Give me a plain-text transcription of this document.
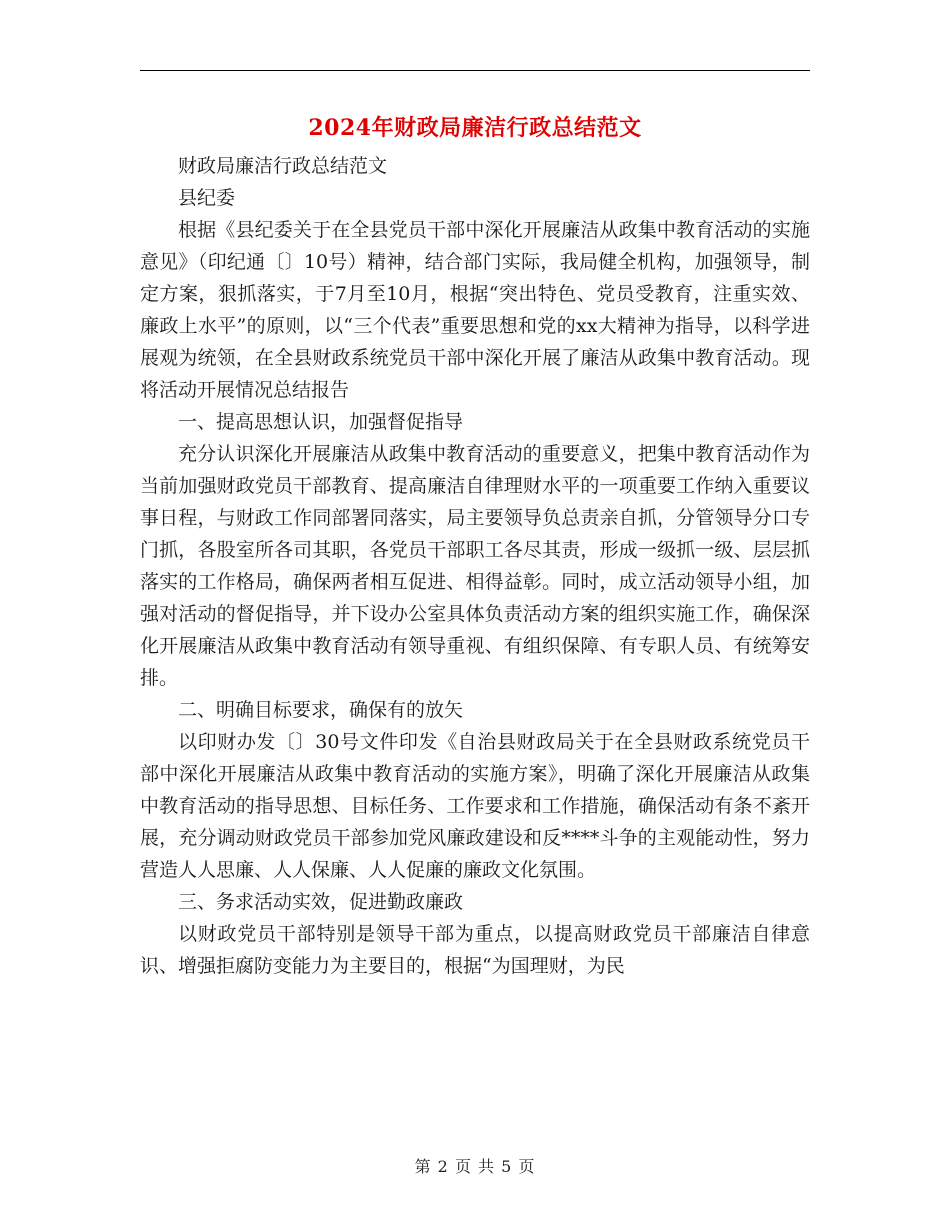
2024年财政局廉洁行政总结范文

财政局廉洁行政总结范文

县纪委

根据《县纪委关于在全县党员干部中深化开展廉洁从政集中教育活动的实施意见》（印纪通〔〕10号）精神，结合部门实际，我局健全机构，加强领导，制定方案，狠抓落实，于7月至10月，根据“突出特色、党员受教育，注重实效、廉政上水平”的原则，以“三个代表”重要思想和党的xx大精神为指导，以科学进展观为统领，在全县财政系统党员干部中深化开展了廉洁从政集中教育活动。现将活动开展情况总结报告

一、提高思想认识，加强督促指导

充分认识深化开展廉洁从政集中教育活动的重要意义，把集中教育活动作为当前加强财政党员干部教育、提高廉洁自律理财水平的一项重要工作纳入重要议事日程，与财政工作同部署同落实，局主要领导负总责亲自抓，分管领导分口专门抓，各股室所各司其职，各党员干部职工各尽其责，形成一级抓一级、层层抓落实的工作格局，确保两者相互促进、相得益彰。同时，成立活动领导小组，加强对活动的督促指导，并下设办公室具体负责活动方案的组织实施工作，确保深化开展廉洁从政集中教育活动有领导重视、有组织保障、有专职人员、有统筹安排。

二、明确目标要求，确保有的放矢

以印财办发〔〕30号文件印发《自治县财政局关于在全县财政系统党员干部中深化开展廉洁从政集中教育活动的实施方案》，明确了深化开展廉洁从政集中教育活动的指导思想、目标任务、工作要求和工作措施，确保活动有条不紊开展，充分调动财政党员干部参加党风廉政建设和反****斗争的主观能动性，努力营造人人思廉、人人保廉、人人促廉的廉政文化氛围。

三、务求活动实效，促进勤政廉政

以财政党员干部特别是领导干部为重点，以提高财政党员干部廉洁自律意识、增强拒腐防变能力为主要目的，根据“为国理财，为民

第 2 页 共 5 页
